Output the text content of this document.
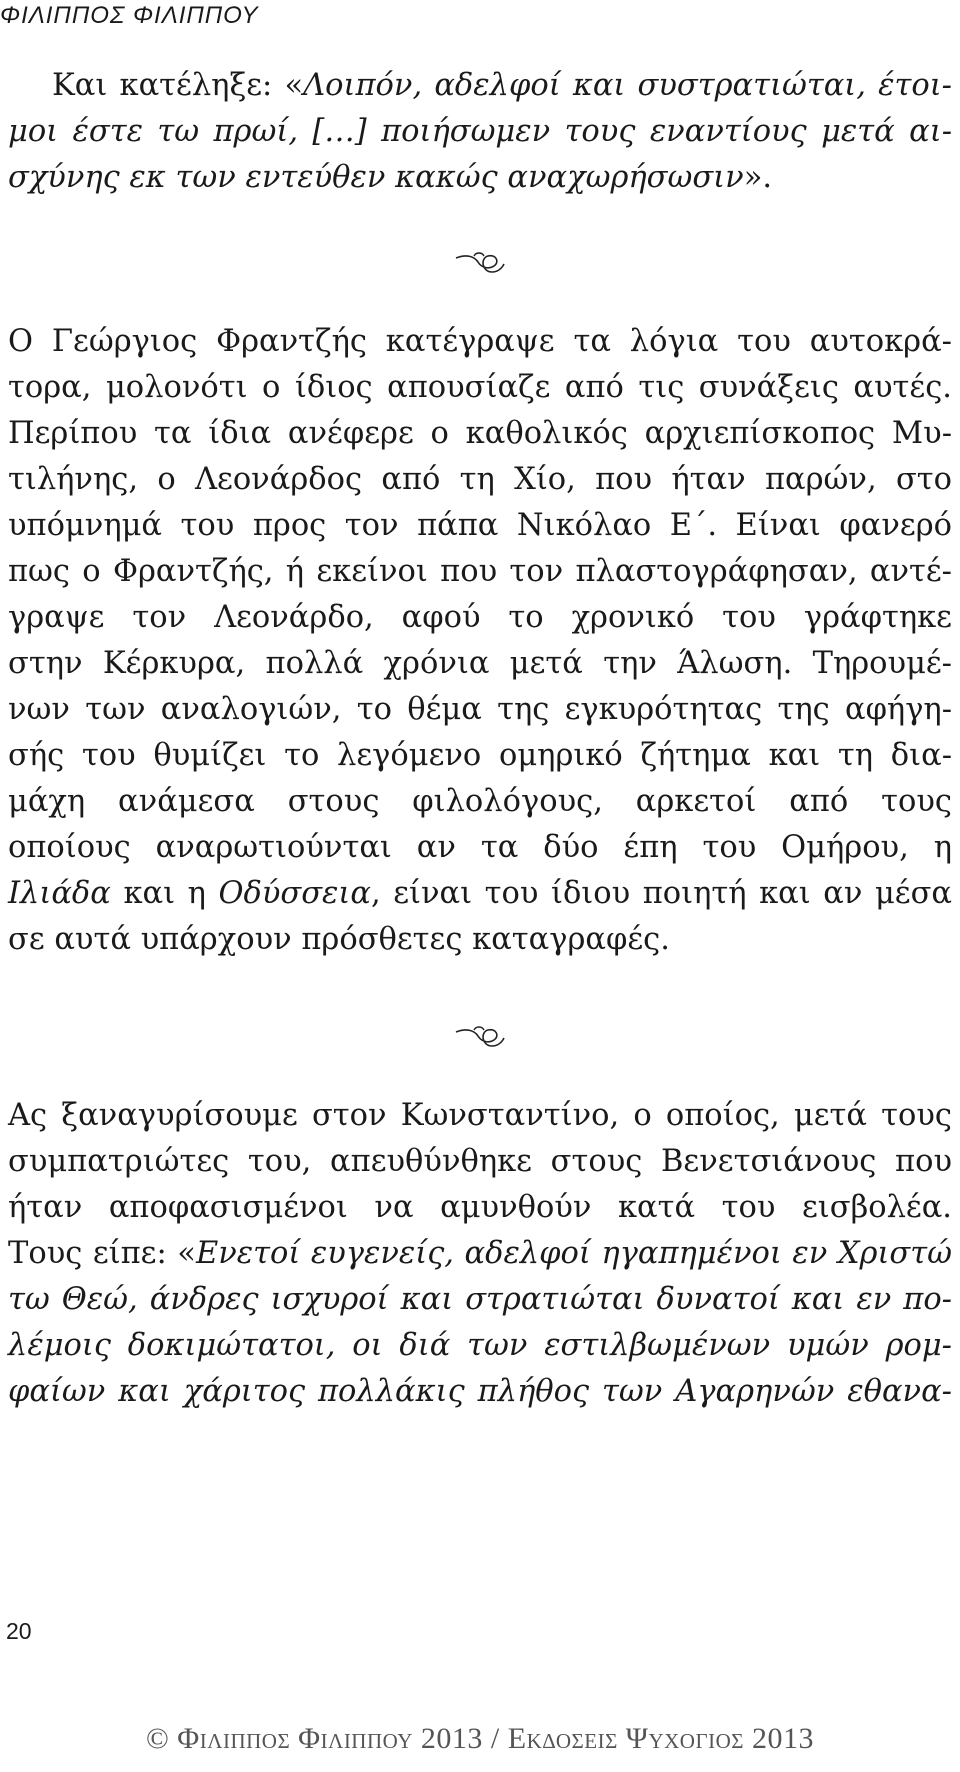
ΦΙΛΙΠΠΟΣ ΦΙΛΙΠΠΟΥ
Και κατέληξε: «Λοιπόν, αδελφοί και συστρατιώται, έτοι-
μοι έστε τω πρωί, […] ποιήσωμεν τους εναντίους μετά αι-
σχύνης εκ των εντεύθεν κακώς αναχωρήσωσιν».
Ο Γεώργιος Φραντζής κατέγραψε τα λόγια του αυτοκρά-
τορα, μολονότι ο ίδιος απουσίαζε από τις συνάξεις αυτές.
Περίπου τα ίδια ανέφερε ο καθολικός αρχιεπίσκοπος Μυ-
τιλήνης, ο Λεονάρδος από τη Χίο, που ήταν παρών, στο
υπόμνημά του προς τον πάπα Νικόλαο Ε΄. Είναι φανερό
πως ο Φραντζής, ή εκείνοι που τον πλαστογράφησαν, αντέ-
γραψε τον Λεονάρδο, αφού το χρονικό του γράφτηκε
στην Κέρκυρα, πολλά χρόνια μετά την Άλωση. Τηρουμέ-
νων των αναλογιών, το θέμα της εγκυρότητας της αφήγη-
σής του θυμίζει το λεγόμενο ομηρικό ζήτημα και τη δια-
μάχη ανάμεσα στους φιλολόγους, αρκετοί από τους
οποίους αναρωτιούνται αν τα δύο έπη του Ομήρου, η
Ιλιάδα και η Οδύσσεια, είναι του ίδιου ποιητή και αν μέσα
σε αυτά υπάρχουν πρόσθετες καταγραφές.
Ας ξαναγυρίσουμε στον Κωνσταντίνο, ο οποίος, μετά τους
συμπατριώτες του, απευθύνθηκε στους Βενετσιάνους που
ήταν αποφασισμένοι να αμυνθούν κατά του εισβολέα.
Τους είπε: «Ενετοί ευγενείς, αδελφοί ηγαπημένοι εν Χριστώ
τω Θεώ, άνδρες ισχυροί και στρατιώται δυνατοί και εν πο-
λέμοις δοκιμώτατοι, οι διά των εστιλβωμένων υμών ρομ-
φαίων και χάριτος πολλάκις πλήθος των Αγαρηνών εθανα-
20
© Φιλιππος Φιλιππου 2013 / Εκδοσεις Ψυχογιος 2013
